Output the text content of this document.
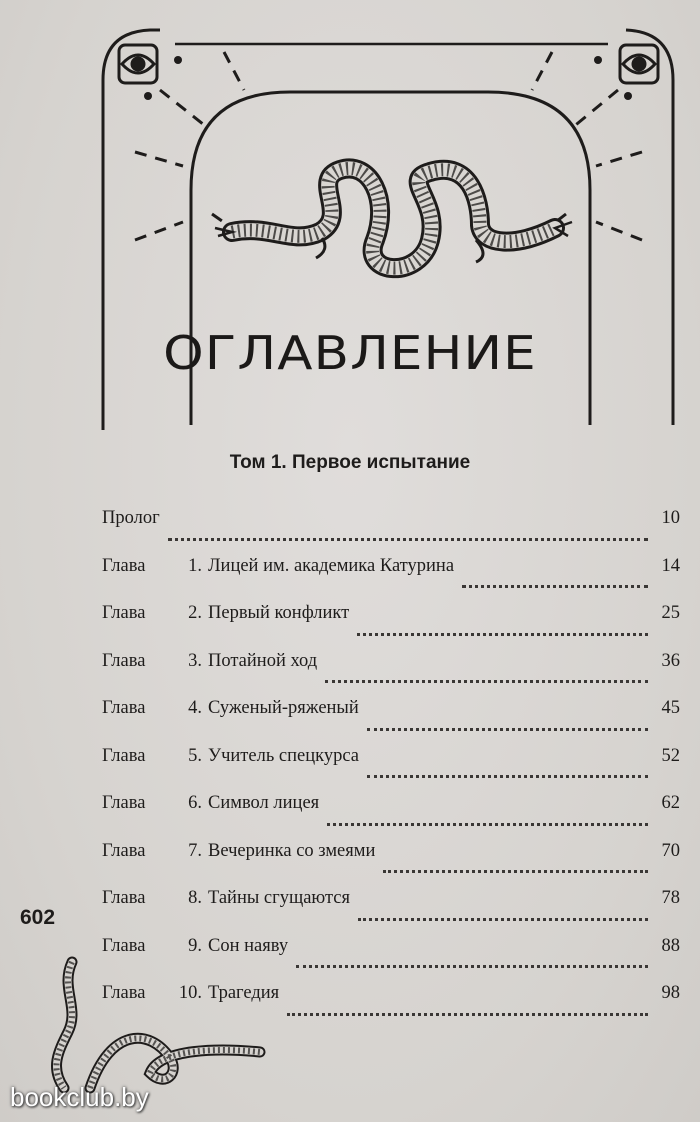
ОГЛАВЛЕНИЕ
Том 1. Первое испытание
Пролог	10
Глава	1. Лицей им. академика Катурина	14
Глава	2. Первый конфликт	25
Глава	3. Потайной ход	36
Глава	4. Суженый-ряженый	45
Глава	5. Учитель спецкурса	52
Глава	6. Символ лицея	62
Глава	7. Вечеринка со змеями	70
Глава	8. Тайны сгущаются	78
Глава	9. Сон наяву	88
Глава	10. Трагедия	98
602
bookclub.by
